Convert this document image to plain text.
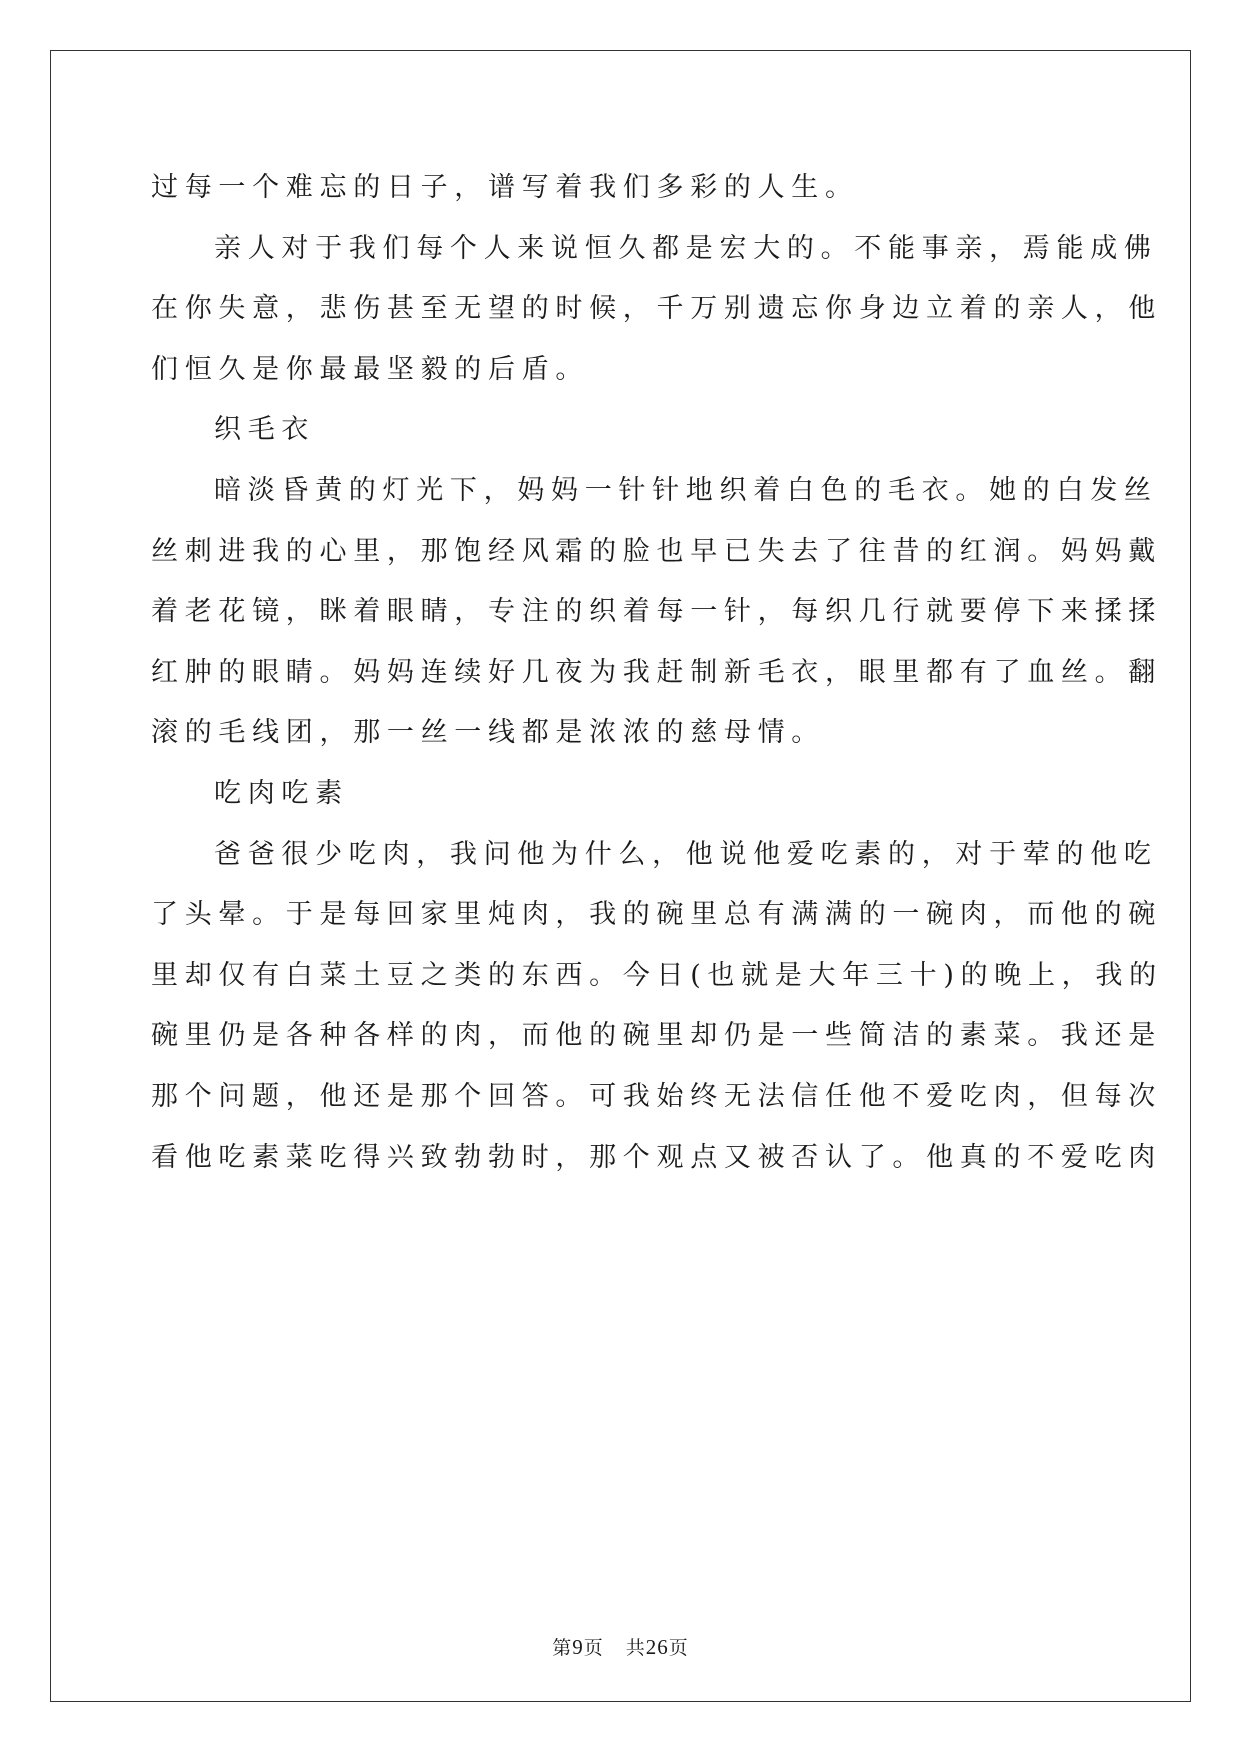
过每一个难忘的日子，谱写着我们多彩的人生。

亲人对于我们每个人来说恒久都是宏大的。不能事亲，焉能成佛

在你失意，悲伤甚至无望的时候，千万别遗忘你身边立着的亲人，他

们恒久是你最最坚毅的后盾。

织毛衣

暗淡昏黄的灯光下，妈妈一针针地织着白色的毛衣。她的白发丝

丝刺进我的心里，那饱经风霜的脸也早已失去了往昔的红润。妈妈戴

着老花镜，眯着眼睛，专注的织着每一针，每织几行就要停下来揉揉

红肿的眼睛。妈妈连续好几夜为我赶制新毛衣，眼里都有了血丝。翻

滚的毛线团，那一丝一线都是浓浓的慈母情。

吃肉吃素

爸爸很少吃肉，我问他为什么，他说他爱吃素的，对于荤的他吃

了头晕。于是每回家里炖肉，我的碗里总有满满的一碗肉，而他的碗

里却仅有白菜土豆之类的东西。今日(也就是大年三十)的晚上，我的

碗里仍是各种各样的肉，而他的碗里却仍是一些简洁的素菜。我还是

那个问题，他还是那个回答。可我始终无法信任他不爱吃肉，但每次

看他吃素菜吃得兴致勃勃时，那个观点又被否认了。他真的不爱吃肉

第9页 共26页
